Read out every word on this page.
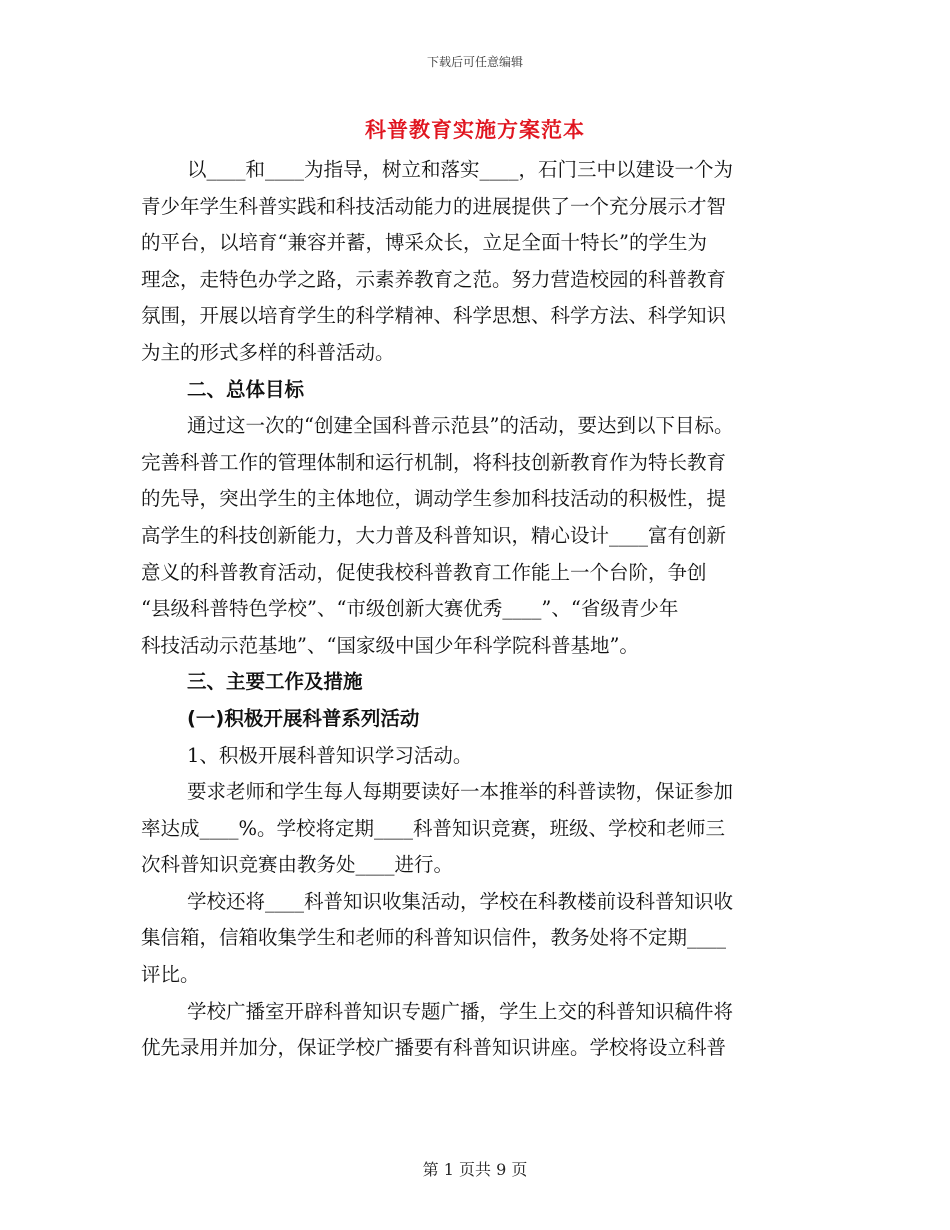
下载后可任意编辑
科普教育实施方案范本
以____和____为指导，树立和落实____，石门三中以建设一个为
青少年学生科普实践和科技活动能力的进展提供了一个充分展示才智
的平台，以培育“兼容并蓄，博采众长，立足全面十特长”的学生为
理念，走特色办学之路，示素养教育之范。努力营造校园的科普教育
氛围，开展以培育学生的科学精神、科学思想、科学方法、科学知识
为主的形式多样的科普活动。
二、总体目标
通过这一次的“创建全国科普示范县”的活动，要达到以下目标。
完善科普工作的管理体制和运行机制，将科技创新教育作为特长教育
的先导，突出学生的主体地位，调动学生参加科技活动的积极性，提
高学生的科技创新能力，大力普及科普知识，精心设计____富有创新
意义的科普教育活动，促使我校科普教育工作能上一个台阶，争创
“县级科普特色学校”、“市级创新大赛优秀____”、“省级青少年
科技活动示范基地”、“国家级中国少年科学院科普基地”。
三、主要工作及措施
(一)积极开展科普系列活动
1、积极开展科普知识学习活动。
要求老师和学生每人每期要读好一本推举的科普读物，保证参加
率达成____%。学校将定期____科普知识竞赛，班级、学校和老师三
次科普知识竞赛由教务处____进行。
学校还将____科普知识收集活动，学校在科教楼前设科普知识收
集信箱，信箱收集学生和老师的科普知识信件，教务处将不定期____
评比。
学校广播室开辟科普知识专题广播，学生上交的科普知识稿件将
优先录用并加分，保证学校广播要有科普知识讲座。学校将设立科普
第 1 页共 9 页
